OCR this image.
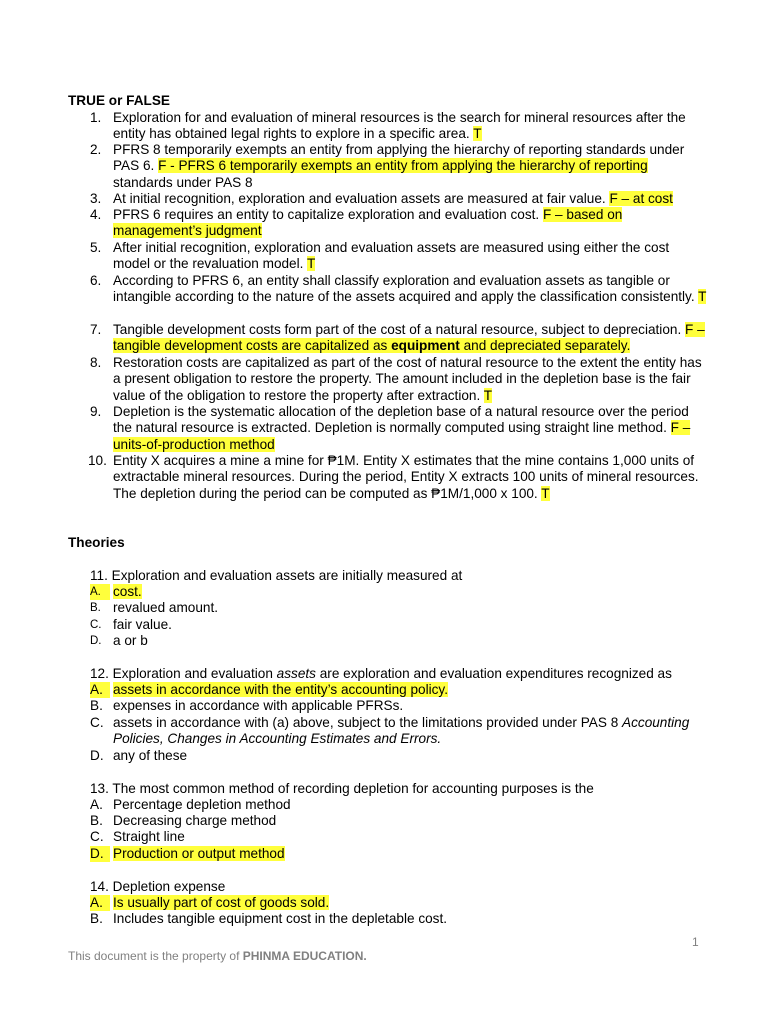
TRUE or FALSE
1. Exploration for and evaluation of mineral resources is the search for mineral resources after the entity has obtained legal rights to explore in a specific area. T
2. PFRS 8 temporarily exempts an entity from applying the hierarchy of reporting standards under PAS 6. F - PFRS 6 temporarily exempts an entity from applying the hierarchy of reporting standards under PAS 8
3. At initial recognition, exploration and evaluation assets are measured at fair value. F – at cost
4. PFRS 6 requires an entity to capitalize exploration and evaluation cost. F – based on management’s judgment
5. After initial recognition, exploration and evaluation assets are measured using either the cost model or the revaluation model. T
6. According to PFRS 6, an entity shall classify exploration and evaluation assets as tangible or intangible according to the nature of the assets acquired and apply the classification consistently. T
7. Tangible development costs form part of the cost of a natural resource, subject to depreciation. F – tangible development costs are capitalized as equipment and depreciated separately.
8. Restoration costs are capitalized as part of the cost of natural resource to the extent the entity has a present obligation to restore the property. The amount included in the depletion base is the fair value of the obligation to restore the property after extraction. T
9. Depletion is the systematic allocation of the depletion base of a natural resource over the period the natural resource is extracted. Depletion is normally computed using straight line method. F – units-of-production method
10. Entity X acquires a mine a mine for ₱1M. Entity X estimates that the mine contains 1,000 units of extractable mineral resources. During the period, Entity X extracts 100 units of mineral resources. The depletion during the period can be computed as ₱1M/1,000 x 100. T
Theories
11. Exploration and evaluation assets are initially measured at
A. cost.
B. revalued amount.
C. fair value.
D. a or b
12. Exploration and evaluation assets are exploration and evaluation expenditures recognized as
A. assets in accordance with the entity’s accounting policy.
B. expenses in accordance with applicable PFRSs.
C. assets in accordance with (a) above, subject to the limitations provided under PAS 8 Accounting Policies, Changes in Accounting Estimates and Errors.
D. any of these
13. The most common method of recording depletion for accounting purposes is the
A. Percentage depletion method
B. Decreasing charge method
C. Straight line
D. Production or output method
14. Depletion expense
A. Is usually part of cost of goods sold.
B. Includes tangible equipment cost in the depletable cost.
1
This document is the property of PHINMA EDUCATION.
